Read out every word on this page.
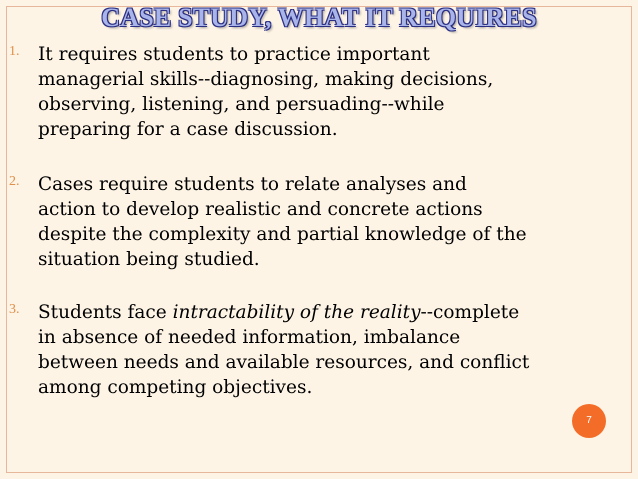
CASE STUDY, WHAT IT REQUIRES
1. It requires students to practice important
managerial skills--diagnosing, making decisions,
observing, listening, and persuading--while
preparing for a case discussion.
2. Cases require students to relate analyses and
action to develop realistic and concrete actions
despite the complexity and partial knowledge of the
situation being studied.
3. Students face intractability of the reality--complete
in absence of needed information, imbalance
between needs and available resources, and conflict
among competing objectives.
7
